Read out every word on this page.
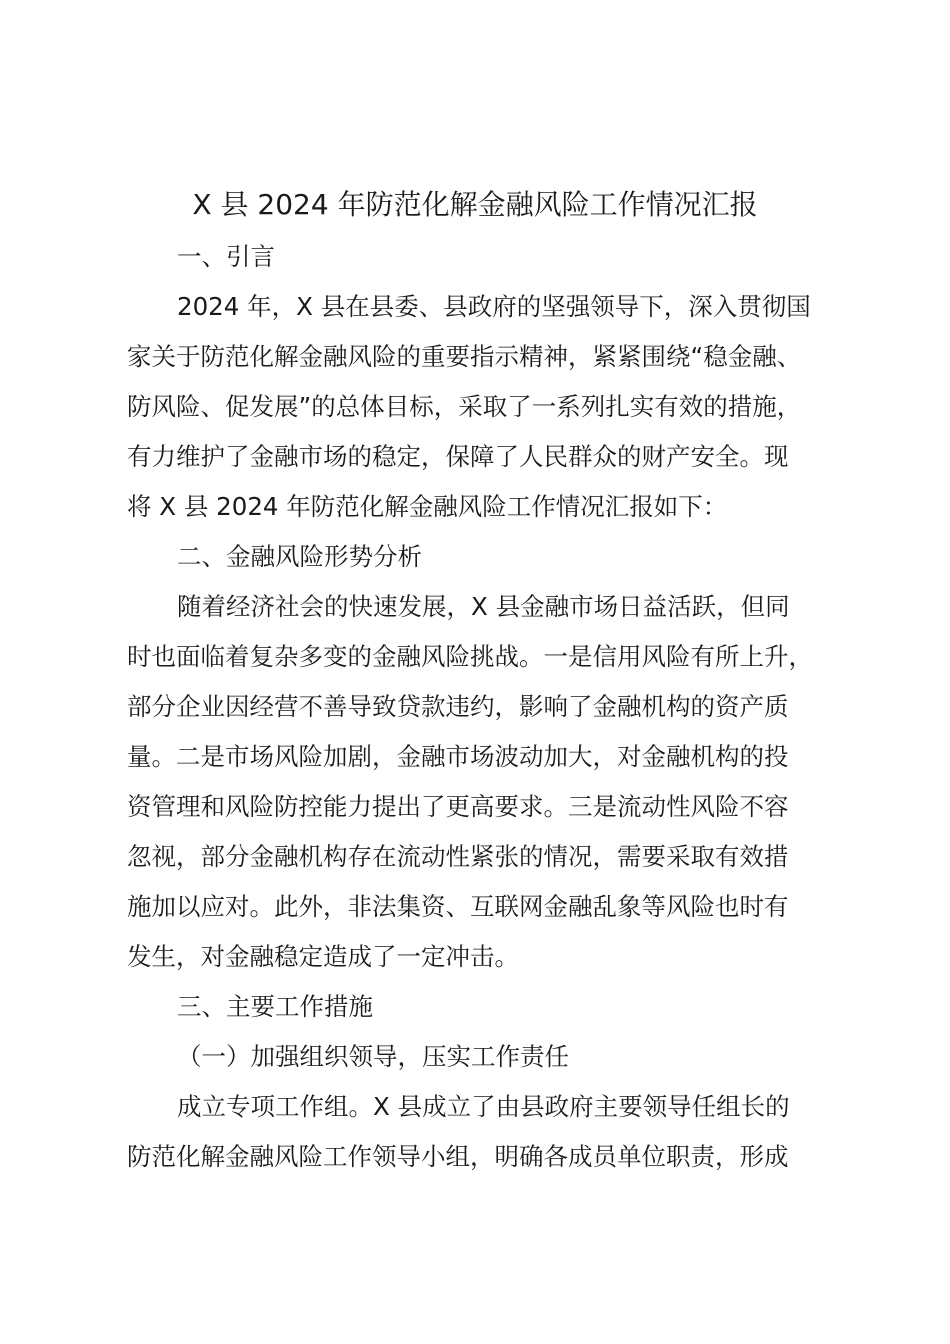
X 县 2024 年防范化解金融风险工作情况汇报
一、引言
2024 年，X 县在县委、县政府的坚强领导下，深入贯彻国
家关于防范化解金融风险的重要指示精神，紧紧围绕“稳金融、
防风险、促发展”的总体目标，采取了一系列扎实有效的措施，
有力维护了金融市场的稳定，保障了人民群众的财产安全。现
将 X 县 2024 年防范化解金融风险工作情况汇报如下：
二、金融风险形势分析
随着经济社会的快速发展，X 县金融市场日益活跃，但同
时也面临着复杂多变的金融风险挑战。一是信用风险有所上升，
部分企业因经营不善导致贷款违约，影响了金融机构的资产质
量。二是市场风险加剧，金融市场波动加大，对金融机构的投
资管理和风险防控能力提出了更高要求。三是流动性风险不容
忽视，部分金融机构存在流动性紧张的情况，需要采取有效措
施加以应对。此外，非法集资、互联网金融乱象等风险也时有
发生，对金融稳定造成了一定冲击。
三、主要工作措施
（一）加强组织领导，压实工作责任
成立专项工作组。X 县成立了由县政府主要领导任组长的
防范化解金融风险工作领导小组，明确各成员单位职责，形成
